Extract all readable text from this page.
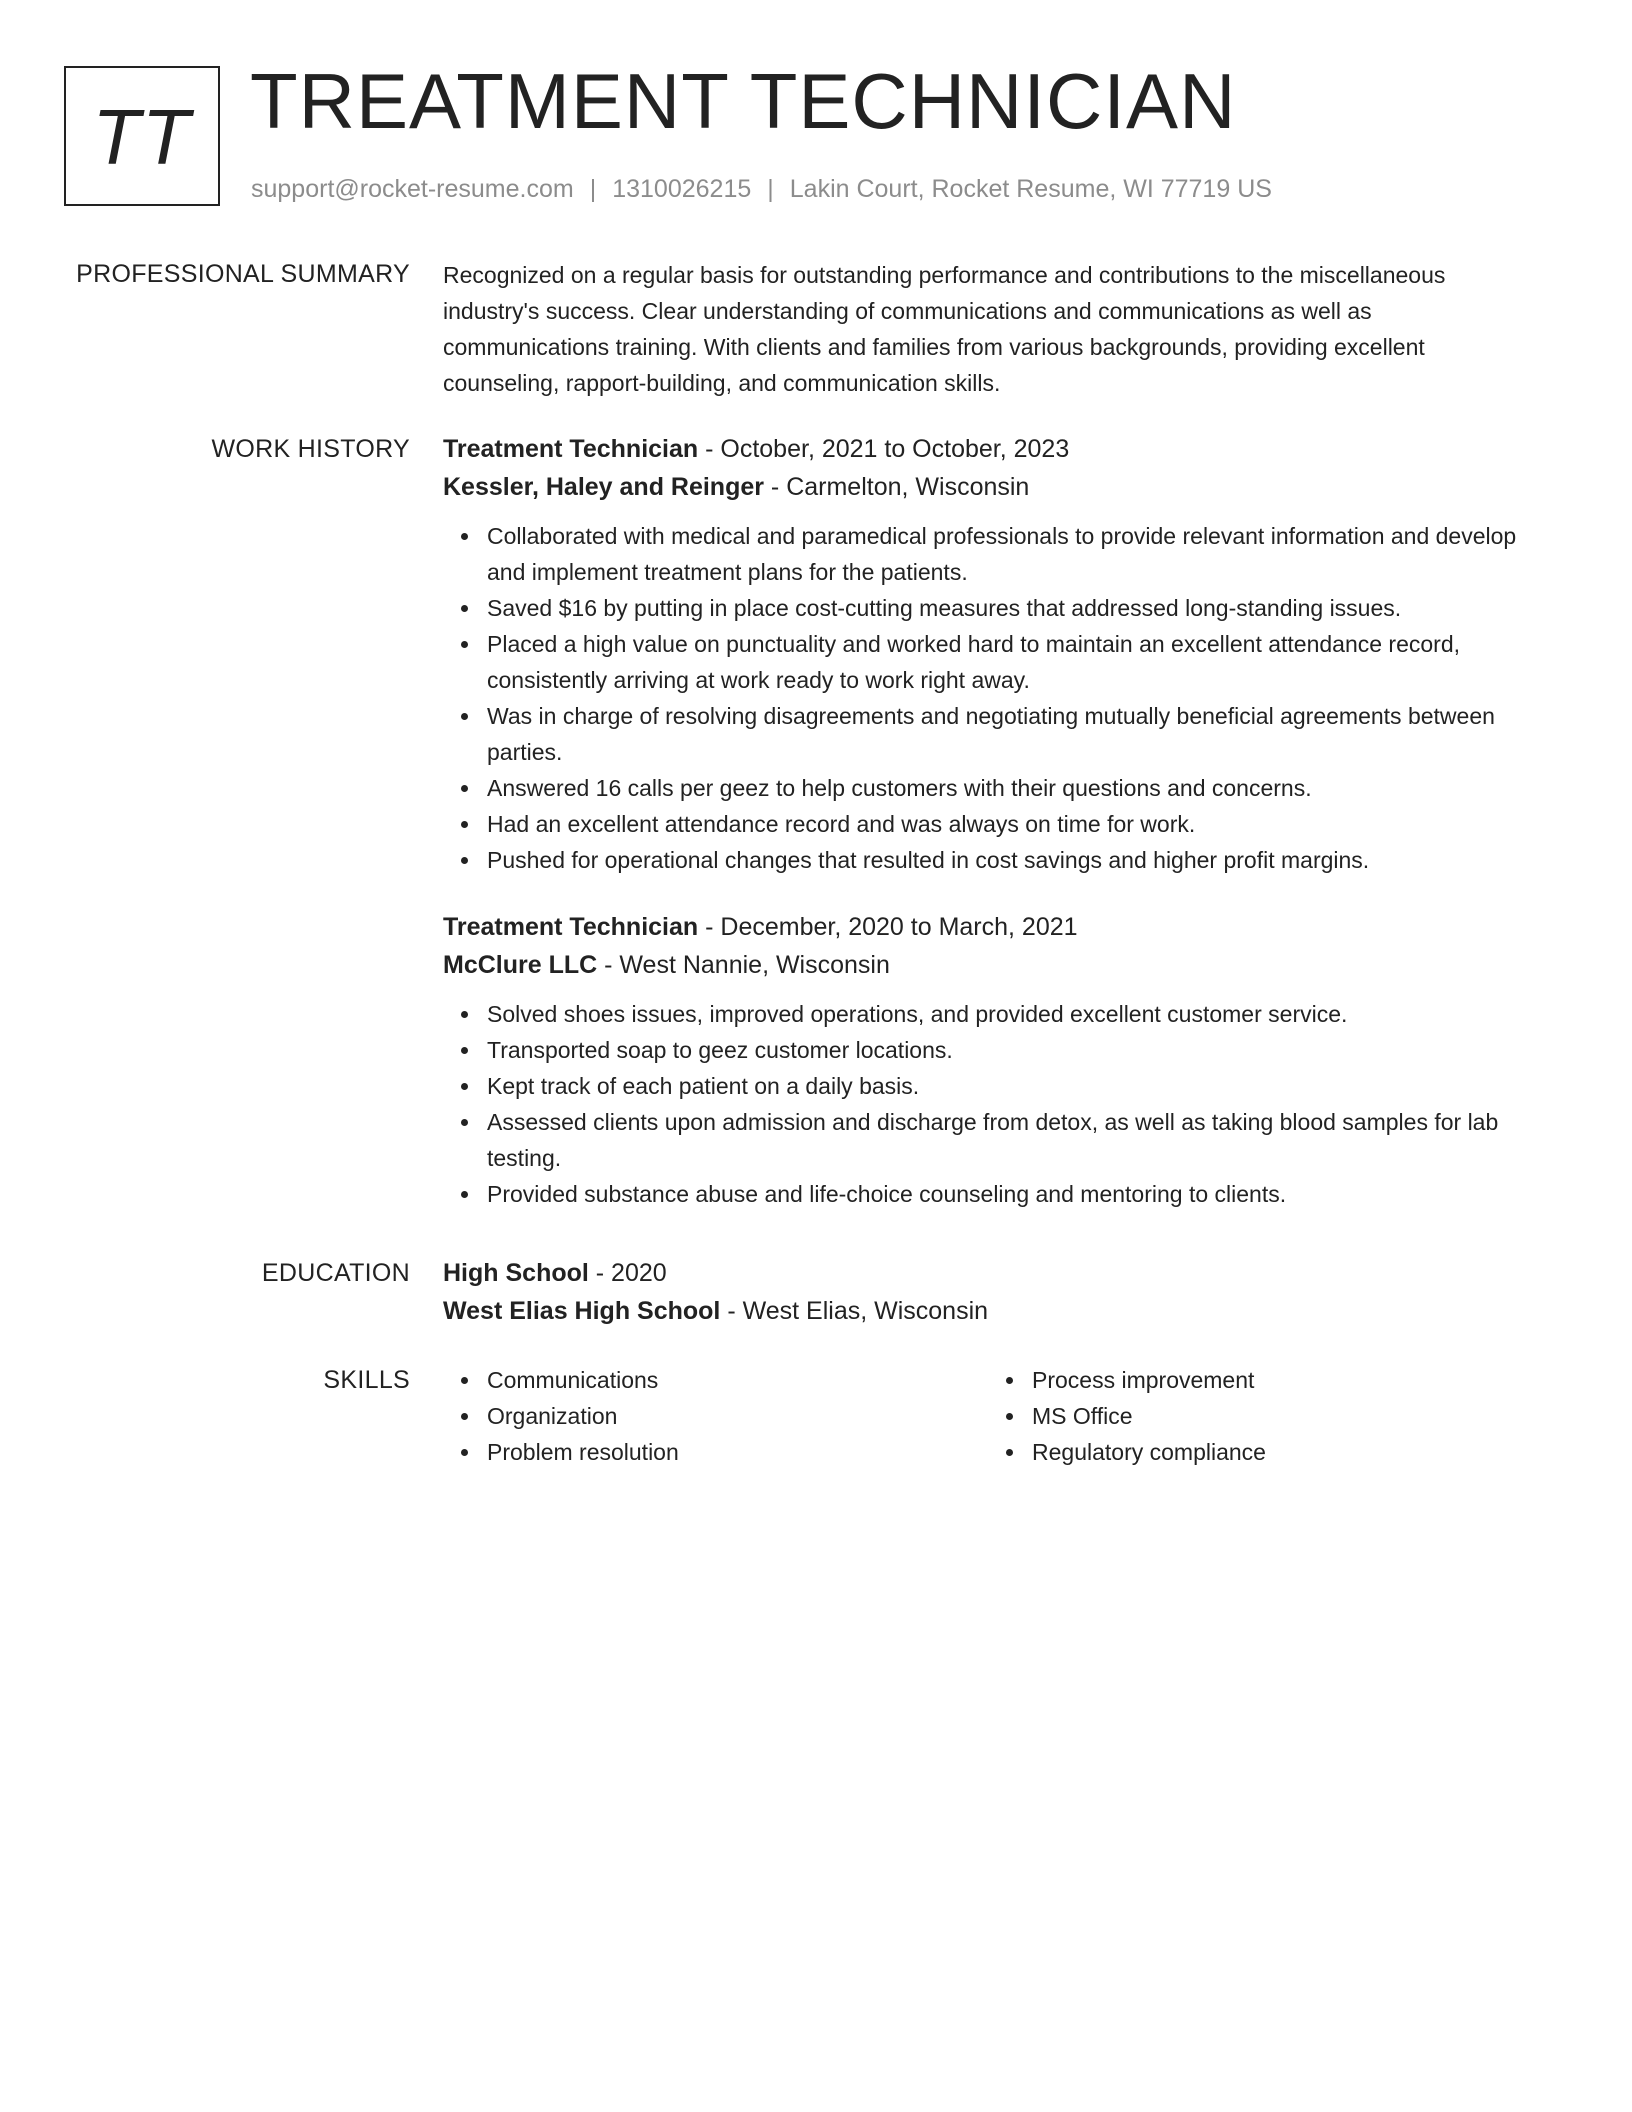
TT TREATMENT TECHNICIAN
support@rocket-resume.com | 1310026215 | Lakin Court, Rocket Resume, WI 77719 US
PROFESSIONAL SUMMARY Recognized on a regular basis for outstanding performance and contributions to the miscellaneous industry's success. Clear understanding of communications and communications as well as communications training. With clients and families from various backgrounds, providing excellent counseling, rapport-building, and communication skills.

WORK HISTORY Treatment Technician - October, 2021 to October, 2023
Kessler, Haley and Reinger - Carmelton, Wisconsin
Collaborated with medical and paramedical professionals to provide relevant information and develop and implement treatment plans for the patients.
Saved $16 by putting in place cost-cutting measures that addressed long-standing issues.
Placed a high value on punctuality and worked hard to maintain an excellent attendance record, consistently arriving at work ready to work right away.
Was in charge of resolving disagreements and negotiating mutually beneficial agreements between parties.
Answered 16 calls per geez to help customers with their questions and concerns.
Had an excellent attendance record and was always on time for work.
Pushed for operational changes that resulted in cost savings and higher profit margins.
Treatment Technician - December, 2020 to March, 2021
McClure LLC - West Nannie, Wisconsin
Solved shoes issues, improved operations, and provided excellent customer service.
Transported soap to geez customer locations.
Kept track of each patient on a daily basis.
Assessed clients upon admission and discharge from detox, as well as taking blood samples for lab testing.
Provided substance abuse and life-choice counseling and mentoring to clients.
EDUCATION High School - 2020
West Elias High School - West Elias, Wisconsin
SKILLS	Communications
Organization
Problem resolution
Process improvement
MS Office
Regulatory compliance
